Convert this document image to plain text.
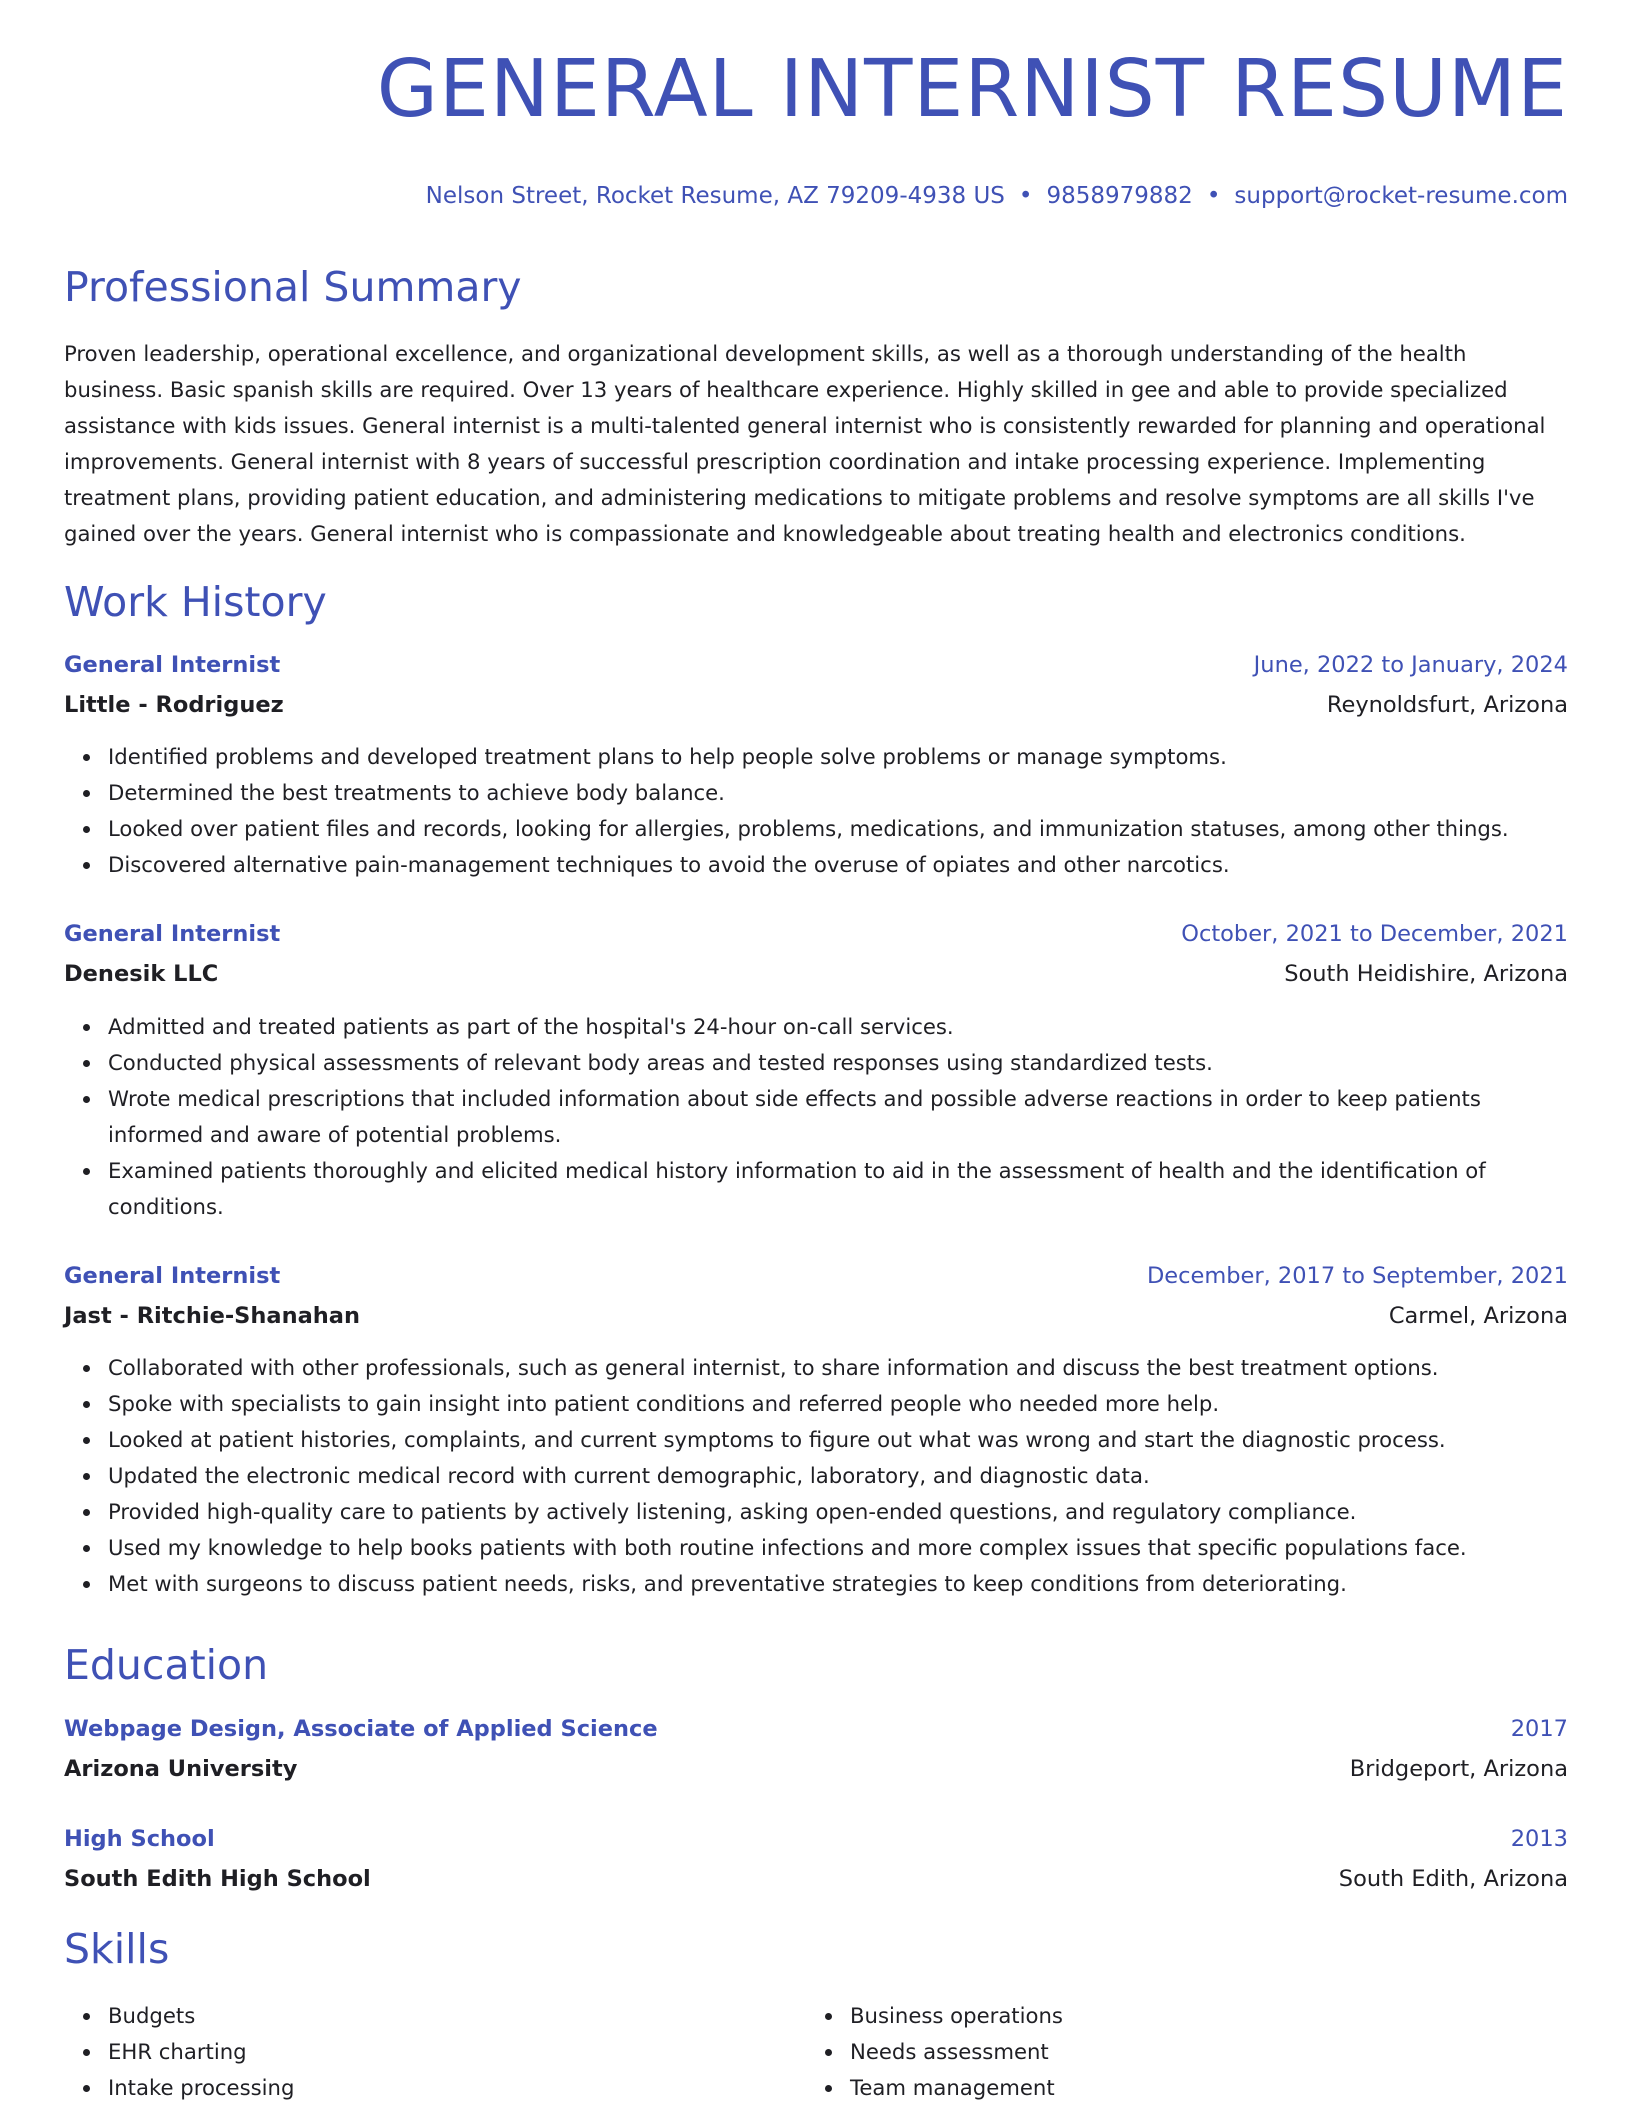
GENERAL INTERNIST RESUME
Nelson Street, Rocket Resume, AZ 79209-4938 US • 9858979882 • support@rocket-resume.com
Professional Summary

Proven leadership, operational excellence, and organizational development skills, as well as a thorough understanding of the health business. Basic spanish skills are required. Over 13 years of healthcare experience. Highly skilled in gee and able to provide specialized assistance with kids issues. General internist is a multi-talented general internist who is consistently rewarded for planning and operational improvements. General internist with 8 years of successful prescription coordination and intake processing experience. Implementing treatment plans, providing patient education, and administering medications to mitigate problems and resolve symptoms are all skills I've gained over the years. General internist who is compassionate and knowledgeable about treating health and electronics conditions.

Work History
General Internist	June, 2022 to January, 2024
Little - Rodriguez	Reynoldsfurt, Arizona
Identified problems and developed treatment plans to help people solve problems or manage symptoms.
Determined the best treatments to achieve body balance.
Looked over patient files and records, looking for allergies, problems, medications, and immunization statuses, among other things.
Discovered alternative pain-management techniques to avoid the overuse of opiates and other narcotics.
General Internist	October, 2021 to December, 2021
Denesik LLC	South Heidishire, Arizona
Admitted and treated patients as part of the hospital's 24-hour on-call services.
Conducted physical assessments of relevant body areas and tested responses using standardized tests.
Wrote medical prescriptions that included information about side effects and possible adverse reactions in order to keep patients informed and aware of potential problems.
Examined patients thoroughly and elicited medical history information to aid in the assessment of health and the identification of conditions.
General Internist	December, 2017 to September, 2021
Jast - Ritchie-Shanahan	Carmel, Arizona
Collaborated with other professionals, such as general internist, to share information and discuss the best treatment options.
Spoke with specialists to gain insight into patient conditions and referred people who needed more help.
Looked at patient histories, complaints, and current symptoms to figure out what was wrong and start the diagnostic process.
Updated the electronic medical record with current demographic, laboratory, and diagnostic data.
Provided high-quality care to patients by actively listening, asking open-ended questions, and regulatory compliance.
Used my knowledge to help books patients with both routine infections and more complex issues that specific populations face.
Met with surgeons to discuss patient needs, risks, and preventative strategies to keep conditions from deteriorating.
Education
Webpage Design, Associate of Applied Science	2017
Arizona University	Bridgeport, Arizona
High School	2013
South Edith High School	South Edith, Arizona
Skills
Budgets
EHR charting
Intake processing
Business operations
Needs assessment
Team management
